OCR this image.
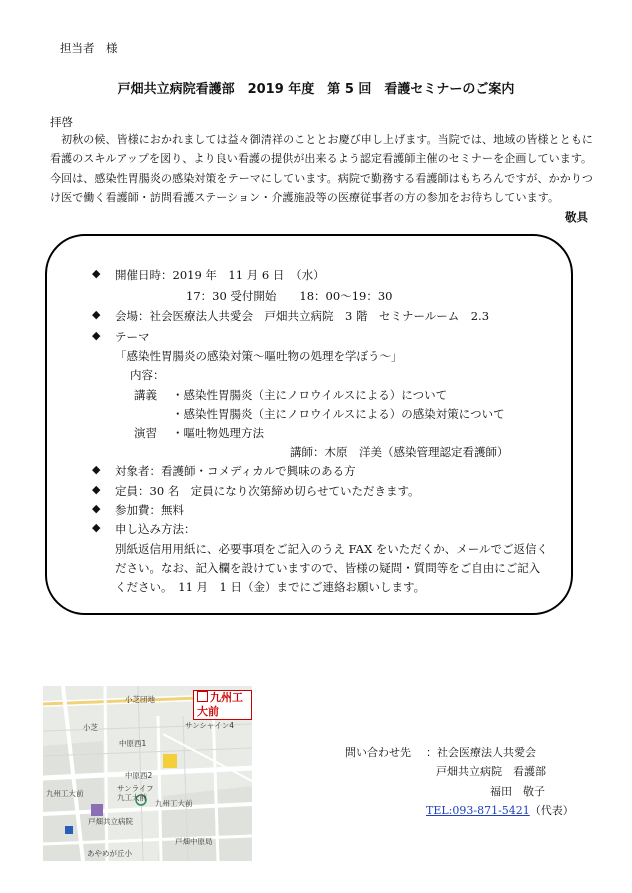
担当者　様
戸畑共立病院看護部　2019 年度　第 5 回　看護セミナーのご案内
拝啓
　初秋の候、皆様におかれましては益々御清祥のこととお慶び申し上げます。当院では、地域の皆様とともに
看護のスキルアップを図り、より良い看護の提供が出来るよう認定看護師主催のセミナーを企画しています。
今回は、感染性胃腸炎の感染対策をテーマにしています。病院で勤務する看護師はもちろんですが、かかりつ
け医で働く看護師・訪問看護ステーション・介護施設等の医療従事者の方の参加をお待ちしています。
敬具
◆ 開催日時：2019 年　11 月 6 日　（水）
17：30 受付開始　　18：00～19：30
◆ 会場：社会医療法人共愛会　戸畑共立病院　3 階　セミナールーム　2.3
◆ テーマ
「感染性胃腸炎の感染対策～嘔吐物の処理を学ぼう～」
内容：
講義 ・感染性胃腸炎（主にノロウイルスによる）について
・感染性胃腸炎（主にノロウイルスによる）の感染対策について
演習 ・嘔吐物処理方法
講師：木原　洋美（感染管理認定看護師）
◆ 対象者：看護師・コメディカルで興味のある方
◆ 定員：30 名　定員になり次第締め切らせていただきます。
◆ 参加費：無料
◆ 申し込み方法：
別紙返信用用紙に、必要事項をご記入のうえ FAX をいただくか、メールでご返信く
ださい。なお、記入欄を設けていますので、皆様の疑問・質問等をご自由にご記入
ください。　11 月　1 日（金）までにご連絡お願いします。
九州工大前
小芝団地
サンシャイン4
中原西1
中原西2
サンライフ九工大前
九州工大前
戸畑共立病院
戸畑中原局
あやめが丘小
九州工大前
小芝
問い合わせ先 ：社会医療法人共愛会
戸畑共立病院　看護部
福田　敬子
TEL:093-871-5421（代表）
